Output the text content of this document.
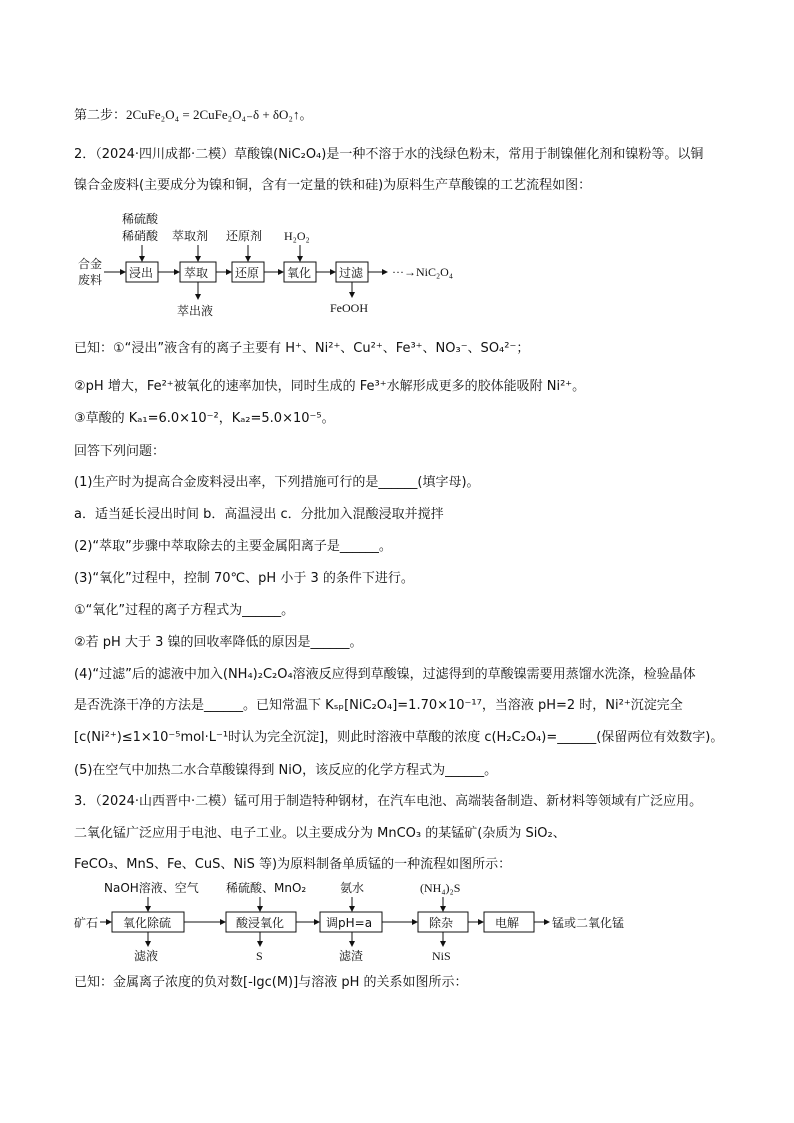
第二步：2CuFe₂O₄ = 2CuFe₂O₄₋δ + δO₂↑。
2．（2024·四川成都·二模）草酸镍(NiC₂O₄)是一种不溶于水的浅绿色粉末，常用于制镍催化剂和镍粉等。以铜
镍合金废料(主要成分为镍和铜，含有一定量的铁和硅)为原料生产草酸镍的工艺流程如图：
合金
废料 浸出
稀硫酸
稀硝酸
萃取
萃取剂
萃出液
还原
还原剂
氧化
H₂O₂
过滤
FeOOH
···→NiC₂O₄
已知：①“浸出”液含有的离子主要有 H⁺、Ni²⁺、Cu²⁺、Fe³⁺、NO₃⁻、SO₄²⁻；
②pH 增大，Fe²⁺被氧化的速率加快，同时生成的 Fe³⁺水解形成更多的胶体能吸附 Ni²⁺。
③草酸的 Kₐ₁=6.0×10⁻²，Kₐ₂=5.0×10⁻⁵。
回答下列问题：
(1)生产时为提高合金废料浸出率，下列措施可行的是______(填字母)。
a．适当延长浸出时间 b．高温浸出 c．分批加入混酸浸取并搅拌
(2)“萃取”步骤中萃取除去的主要金属阳离子是______。
(3)“氧化”过程中，控制 70℃、pH 小于 3 的条件下进行。
①“氧化”过程的离子方程式为______。
②若 pH 大于 3 镍的回收率降低的原因是______。
(4)“过滤”后的滤液中加入(NH₄)₂C₂O₄溶液反应得到草酸镍，过滤得到的草酸镍需要用蒸馏水洗涤，检验晶体
是否洗涤干净的方法是______。已知常温下 Kₛₚ[NiC₂O₄]=1.70×10⁻¹⁷，当溶液 pH=2 时，Ni²⁺沉淀完全
[c(Ni²⁺)≤1×10⁻⁵mol·L⁻¹时认为完全沉淀]，则此时溶液中草酸的浓度 c(H₂C₂O₄)=______(保留两位有效数字)。
(5)在空气中加热二水合草酸镍得到 NiO，该反应的化学方程式为______。
3．（2024·山西晋中·二模）锰可用于制造特种钢材，在汽车电池、高端装备制造、新材料等领域有广泛应用。
二氧化锰广泛应用于电池、电子工业。以主要成分为 MnCO₃ 的某锰矿(杂质为 SiO₂、
FeCO₃、MnS、Fe、CuS、NiS 等)为原料制备单质锰的一种流程如图所示：
矿石 氧化除硫
NaOH溶液、空气
滤液
酸浸氧化
稀硫酸、MnO₂
S
调pH=a
氨水
滤渣
除杂
(NH₄)₂S
NiS
电解	锰或二氧化锰
已知：金属离子浓度的负对数[-lgc(M)]与溶液 pH 的关系如图所示：
